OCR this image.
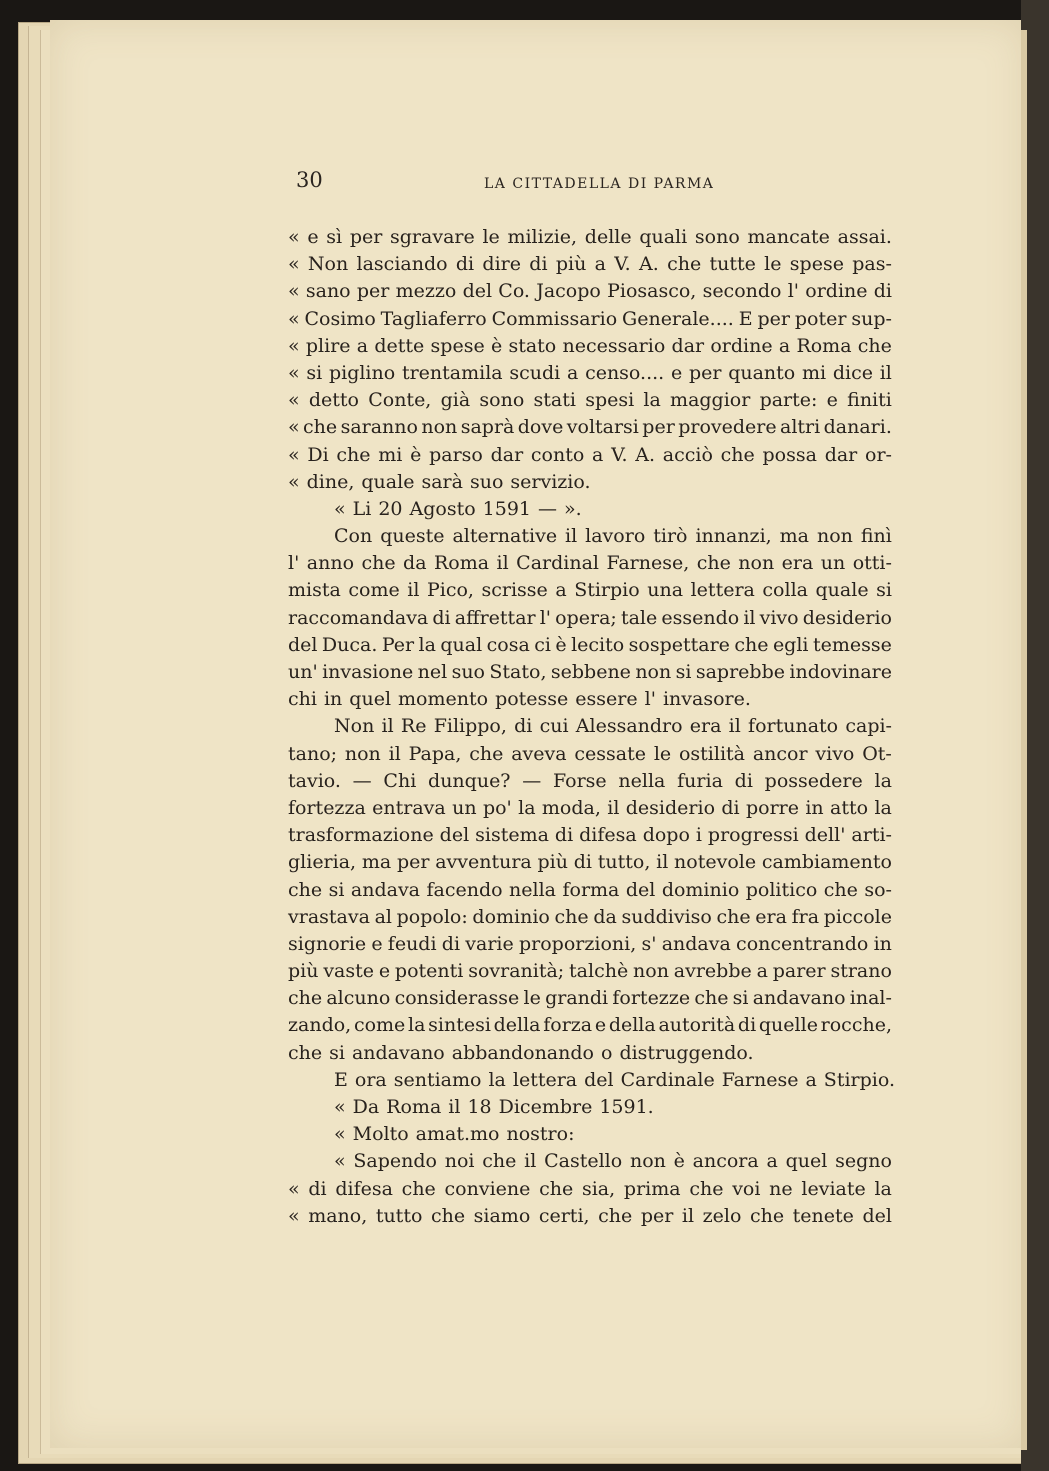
30	LA CITTADELLA DI PARMA
« e sì per sgravare le milizie, delle quali sono mancate assai.
« Non lasciando di dire di più a V. A. che tutte le spese pas-
« sano per mezzo del Co. Jacopo Piosasco, secondo l' ordine di
« Cosimo Tagliaferro Commissario Generale.... E per poter sup-
« plire a dette spese è stato necessario dar ordine a Roma che
« si piglino trentamila scudi a censo.... e per quanto mi dice il
« detto Conte, già sono stati spesi la maggior parte: e finiti
« che saranno non saprà dove voltarsi per provedere altri danari.
« Di che mi è parso dar conto a V. A. acciò che possa dar or-
« dine, quale sarà suo servizio.
« Li 20 Agosto 1591 — ».
Con queste alternative il lavoro tirò innanzi, ma non finì
l' anno che da Roma il Cardinal Farnese, che non era un otti-
mista come il Pico, scrisse a Stirpio una lettera colla quale si
raccomandava di affrettar l' opera; tale essendo il vivo desiderio
del Duca. Per la qual cosa ci è lecito sospettare che egli temesse
un' invasione nel suo Stato, sebbene non si saprebbe indovinare
chi in quel momento potesse essere l' invasore.
Non il Re Filippo, di cui Alessandro era il fortunato capi-
tano; non il Papa, che aveva cessate le ostilità ancor vivo Ot-
tavio. — Chi dunque? — Forse nella furia di possedere la
fortezza entrava un po' la moda, il desiderio di porre in atto la
trasformazione del sistema di difesa dopo i progressi dell' arti-
glieria, ma per avventura più di tutto, il notevole cambiamento
che si andava facendo nella forma del dominio politico che so-
vrastava al popolo: dominio che da suddiviso che era fra piccole
signorie e feudi di varie proporzioni, s' andava concentrando in
più vaste e potenti sovranità; talchè non avrebbe a parer strano
che alcuno considerasse le grandi fortezze che si andavano inal-
zando, come la sintesi della forza e della autorità di quelle rocche,
che si andavano abbandonando o distruggendo.
E ora sentiamo la lettera del Cardinale Farnese a Stirpio.
« Da Roma il 18 Dicembre 1591.
« Molto amat.mo nostro:
« Sapendo noi che il Castello non è ancora a quel segno
« di difesa che conviene che sia, prima che voi ne leviate la
« mano, tutto che siamo certi, che per il zelo che tenete del
